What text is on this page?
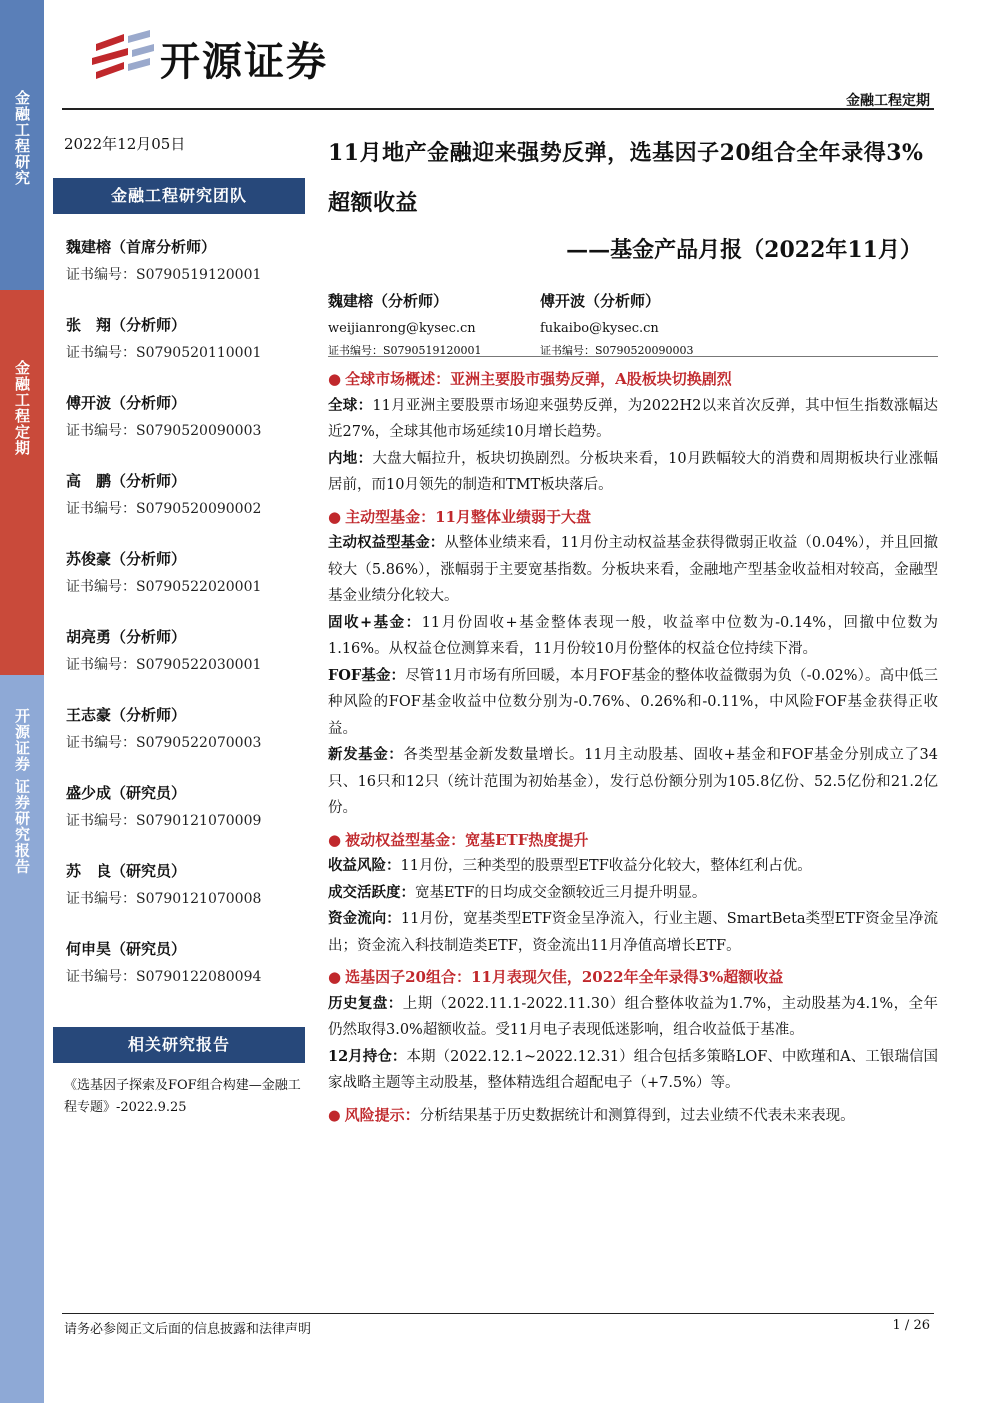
金融工程研究
金融工程定期
开源证券 证券研究报告
开源证券
金融工程定期
2022年12月05日
金融工程研究团队
魏建榕（首席分析师）
证书编号：S0790519120001
张　翔（分析师）
证书编号：S0790520110001
傅开波（分析师）
证书编号：S0790520090003
高　鹏（分析师）
证书编号：S0790520090002
苏俊豪（分析师）
证书编号：S0790522020001
胡亮勇（分析师）
证书编号：S0790522030001
王志豪（分析师）
证书编号：S0790522070003
盛少成（研究员）
证书编号：S0790121070009
苏　良（研究员）
证书编号：S0790121070008
何申昊（研究员）
证书编号：S0790122080094
相关研究报告
《选基因子探索及FOF组合构建—金融工程专题》-2022.9.25
11月地产金融迎来强势反弹，选基因子20组合全年录得3%超额收益
——基金产品月报（2022年11月）
魏建榕（分析师）
weijianrong@kysec.cn
证书编号：S0790519120001
傅开波（分析师）
fukaibo@kysec.cn
证书编号：S0790520090003
● 全球市场概述：亚洲主要股市强势反弹，A股板块切换剧烈

全球：11月亚洲主要股票市场迎来强势反弹，为2022H2以来首次反弹，其中恒生指数涨幅达近27%，全球其他市场延续10月增长趋势。

内地：大盘大幅拉升，板块切换剧烈。分板块来看，10月跌幅较大的消费和周期板块行业涨幅居前，而10月领先的制造和TMT板块落后。

● 主动型基金：11月整体业绩弱于大盘

主动权益型基金：从整体业绩来看，11月份主动权益基金获得微弱正收益（0.04%），并且回撤较大（5.86%），涨幅弱于主要宽基指数。分板块来看，金融地产型基金收益相对较高，金融型基金业绩分化较大。

固收+基金：11月份固收+基金整体表现一般，收益率中位数为-0.14%，回撤中位数为1.16%。从权益仓位测算来看，11月份较10月份整体的权益仓位持续下滑。

FOF基金：尽管11月市场有所回暖，本月FOF基金的整体收益微弱为负（-0.02%）。高中低三种风险的FOF基金收益中位数分别为-0.76%、0.26%和-0.11%，中风险FOF基金获得正收益。

新发基金：各类型基金新发数量增长。11月主动股基、固收+基金和FOF基金分别成立了34只、16只和12只（统计范围为初始基金），发行总份额分别为105.8亿份、52.5亿份和21.2亿份。

● 被动权益型基金：宽基ETF热度提升

收益风险：11月份，三种类型的股票型ETF收益分化较大，整体红利占优。

成交活跃度：宽基ETF的日均成交金额较近三月提升明显。

资金流向：11月份，宽基类型ETF资金呈净流入，行业主题、SmartBeta类型ETF资金呈净流出；资金流入科技制造类ETF，资金流出11月净值高增长ETF。

● 选基因子20组合：11月表现欠佳，2022年全年录得3%超额收益

历史复盘：上期（2022.11.1-2022.11.30）组合整体收益为1.7%，主动股基为4.1%，全年仍然取得3.0%超额收益。受11月电子表现低迷影响，组合收益低于基准。

12月持仓：本期（2022.12.1~2022.12.31）组合包括多策略LOF、中欧瑾和A、工银瑞信国家战略主题等主动股基，整体精选组合超配电子（+7.5%）等。

● 风险提示：分析结果基于历史数据统计和测算得到，过去业绩不代表未来表现。

请务必参阅正文后面的信息披露和法律声明	1 / 26
